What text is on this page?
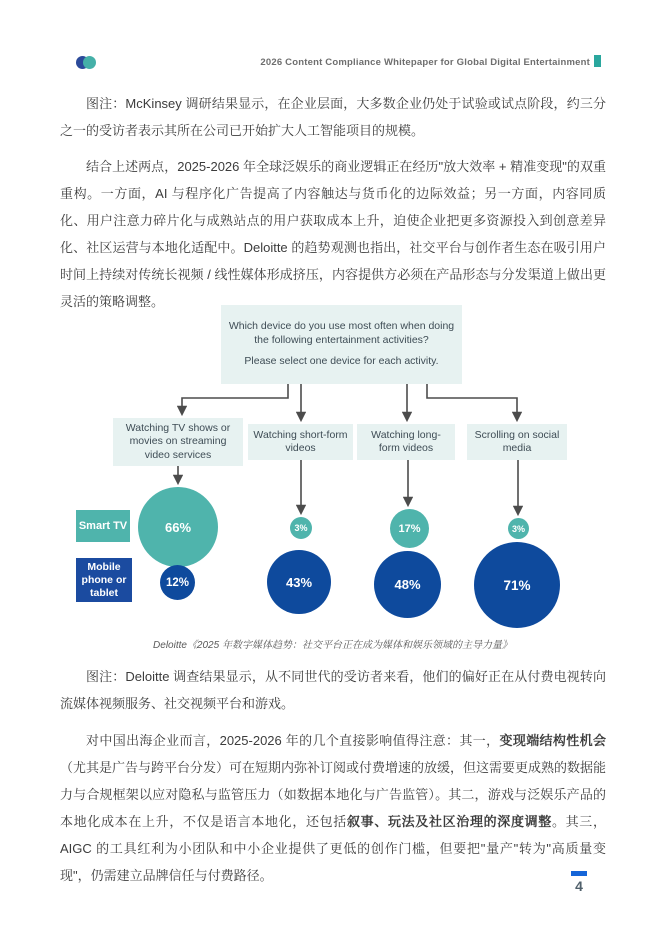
2026 Content Compliance Whitepaper for Global Digital Entertainment

图注：McKinsey 调研结果显示，在企业层面，大多数企业仍处于试验或试点阶段，约三分之一的受访者表示其所在公司已开始扩大人工智能项目的规模。

结合上述两点，2025-2026 年全球泛娱乐的商业逻辑正在经历"放大效率 + 精准变现"的双重重构。一方面，AI 与程序化广告提高了内容触达与货币化的边际效益；另一方面，内容同质化、用户注意力碎片化与成熟站点的用户获取成本上升，迫使企业把更多资源投入到创意差异化、社区运营与本地化适配中。Deloitte 的趋势观测也指出，社交平台与创作者生态在吸引用户时间上持续对传统长视频 / 线性媒体形成挤压，内容提供方必须在产品形态与分发渠道上做出更灵活的策略调整。

Which device do you use most often when doing the following entertainment activities?
Please select one device for each activity.
Watching TV shows or movies on streaming video services
Watching short-form videos
Watching long-form videos
Scrolling on social media
Smart TV
Mobile phone or tablet
66%
12%
3%
43%
17%
48%
3%
71%
Deloitte《2025 年数字媒体趋势：社交平台正在成为媒体和娱乐领域的主导力量》

图注：Deloitte 调查结果显示，从不同世代的受访者来看，他们的偏好正在从付费电视转向流媒体视频服务、社交视频平台和游戏。

对中国出海企业而言，2025-2026 年的几个直接影响值得注意：其一，变现端结构性机会（尤其是广告与跨平台分发）可在短期内弥补订阅或付费增速的放缓，但这需要更成熟的数据能力与合规框架以应对隐私与监管压力（如数据本地化与广告监管）。其二，游戏与泛娱乐产品的本地化成本在上升，不仅是语言本地化，还包括叙事、玩法及社区治理的深度调整。其三，AIGC 的工具红利为小团队和中小企业提供了更低的创作门槛，但要把"量产"转为"高质量变现"，仍需建立品牌信任与付费路径。

4
